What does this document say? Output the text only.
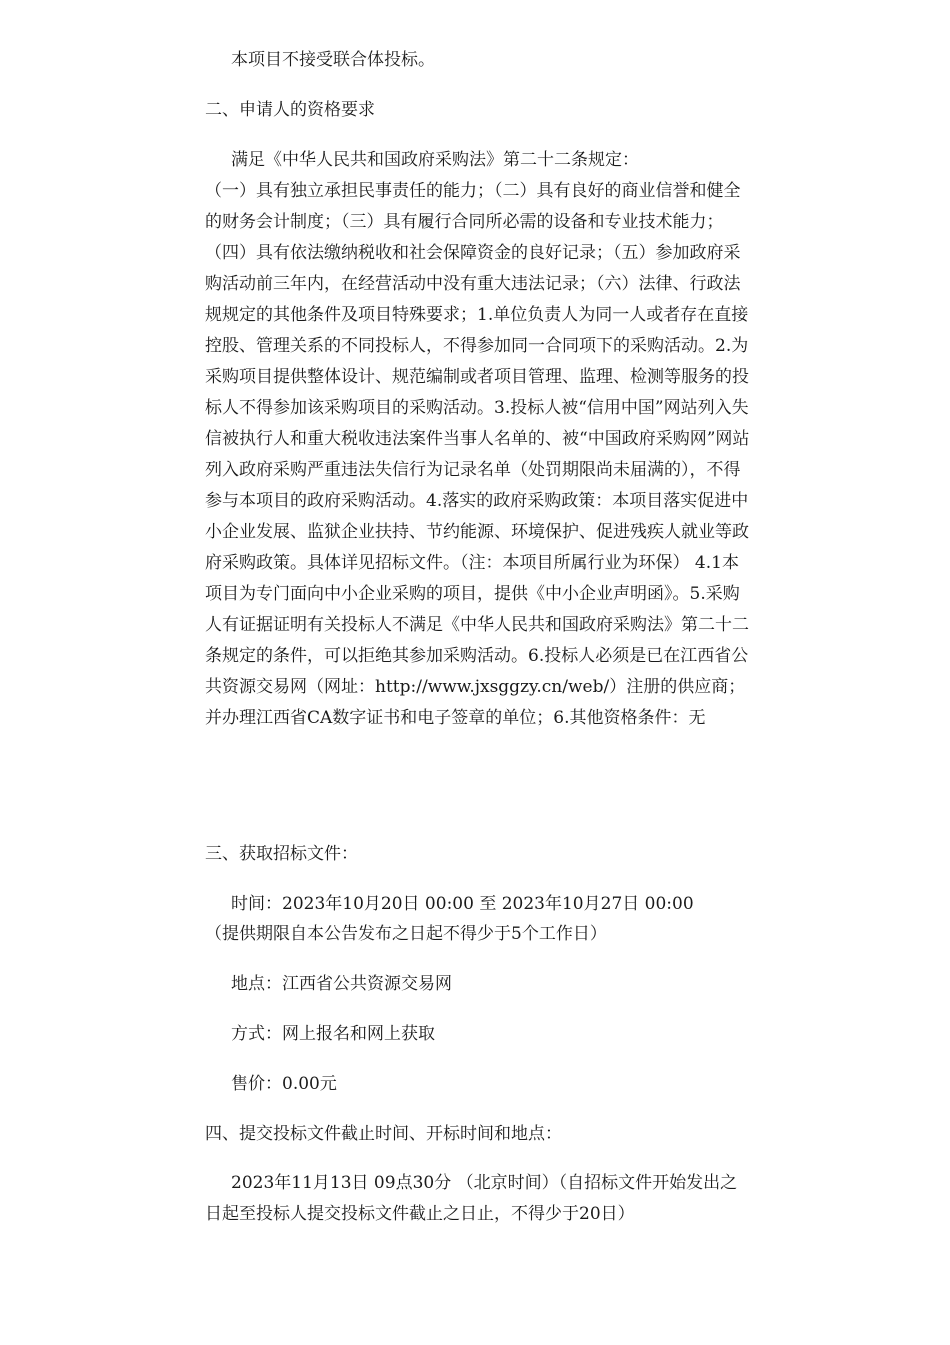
本项目不接受联合体投标。

二、申请人的资格要求

满足《中华人民共和国政府采购法》第二十二条规定：

（一）具有独立承担民事责任的能力；（二）具有良好的商业信誉和健全的财务会计制度；（三）具有履行合同所必需的设备和专业技术能力；（四）具有依法缴纳税收和社会保障资金的良好记录；（五）参加政府采购活动前三年内，在经营活动中没有重大违法记录；（六）法律、行政法规规定的其他条件及项目特殊要求；1.单位负责人为同一人或者存在直接控股、管理关系的不同投标人，不得参加同一合同项下的采购活动。2.为采购项目提供整体设计、规范编制或者项目管理、监理、检测等服务的投标人不得参加该采购项目的采购活动。3.投标人被“信用中国”网站列入失信被执行人和重大税收违法案件当事人名单的、被“中国政府采购网”网站列入政府采购严重违法失信行为记录名单（处罚期限尚未届满的），不得参与本项目的政府采购活动。4.落实的政府采购政策：本项目落实促进中小企业发展、监狱企业扶持、节约能源、环境保护、促进残疾人就业等政府采购政策。具体详见招标文件。（注：本项目所属行业为环保） 4.1本项目为专门面向中小企业采购的项目，提供《中小企业声明函》。5.采购人有证据证明有关投标人不满足《中华人民共和国政府采购法》第二十二条规定的条件，可以拒绝其参加采购活动。6.投标人必须是已在江西省公共资源交易网（网址：http://www.jxsggzy.cn/web/）注册的供应商；并办理江西省CA数字证书和电子签章的单位；6.其他资格条件：无

三、获取招标文件：

时间：2023年10月20日 00:00 至 2023年10月27日 00:00

（提供期限自本公告发布之日起不得少于5个工作日）

地点：江西省公共资源交易网

方式：网上报名和网上获取

售价：0.00元

四、提交投标文件截止时间、开标时间和地点：

2023年11月13日 09点30分 （北京时间）（自招标文件开始发出之日起至投标人提交投标文件截止之日止，不得少于20日）
